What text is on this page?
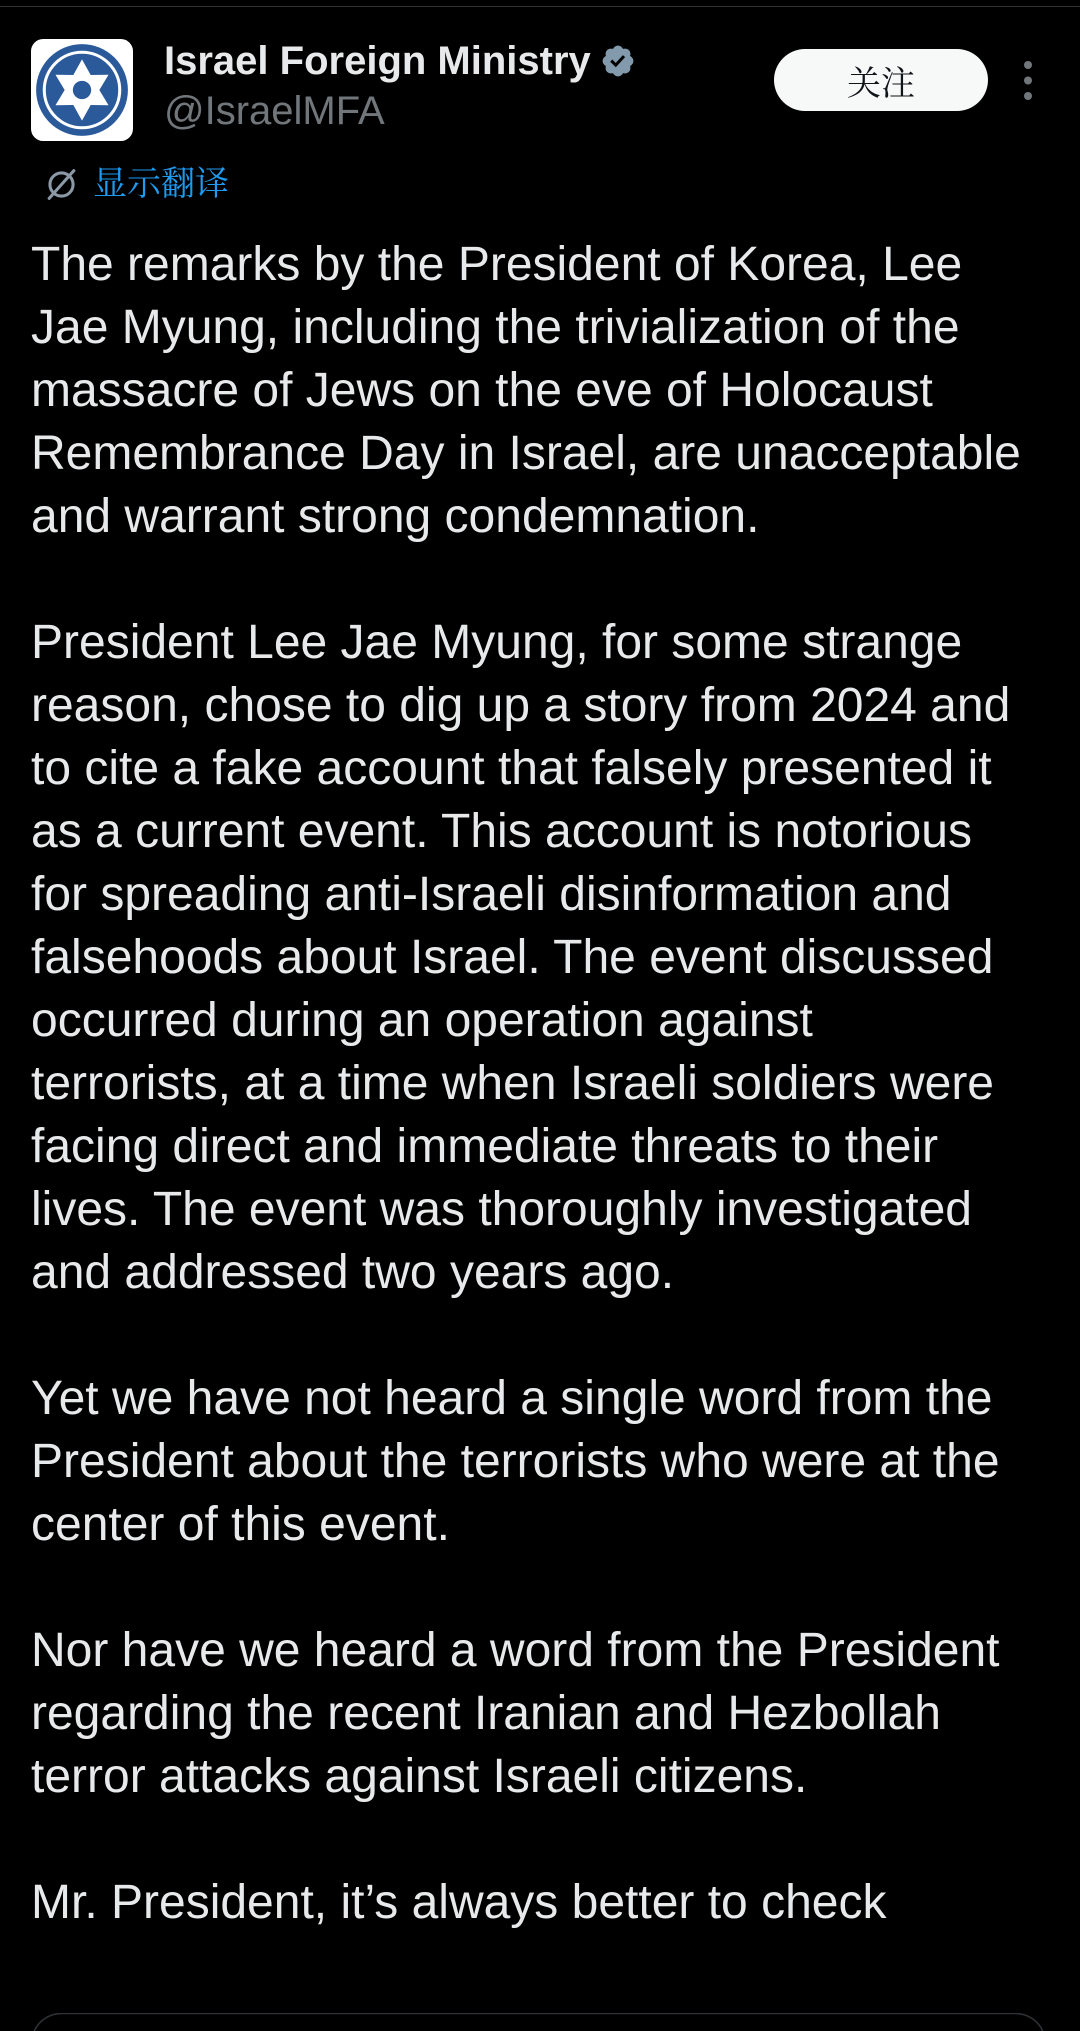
Israel Foreign Ministry
@IsraelMFA
关注
显示翻译
The remarks by the President of Korea, Lee
Jae Myung, including the trivialization of the
massacre of Jews on the eve of Holocaust
Remembrance Day in Israel, are unacceptable
and warrant strong condemnation.
President Lee Jae Myung, for some strange
reason, chose to dig up a story from 2024 and
to cite a fake account that falsely presented it
as a current event. This account is notorious
for spreading anti-Israeli disinformation and
falsehoods about Israel. The event discussed
occurred during an operation against
terrorists, at a time when Israeli soldiers were
facing direct and immediate threats to their
lives. The event was thoroughly investigated
and addressed two years ago.
Yet we have not heard a single word from the
President about the terrorists who were at the
center of this event.
Nor have we heard a word from the President
regarding the recent Iranian and Hezbollah
terror attacks against Israeli citizens.
Mr. President, it’s always better to check
